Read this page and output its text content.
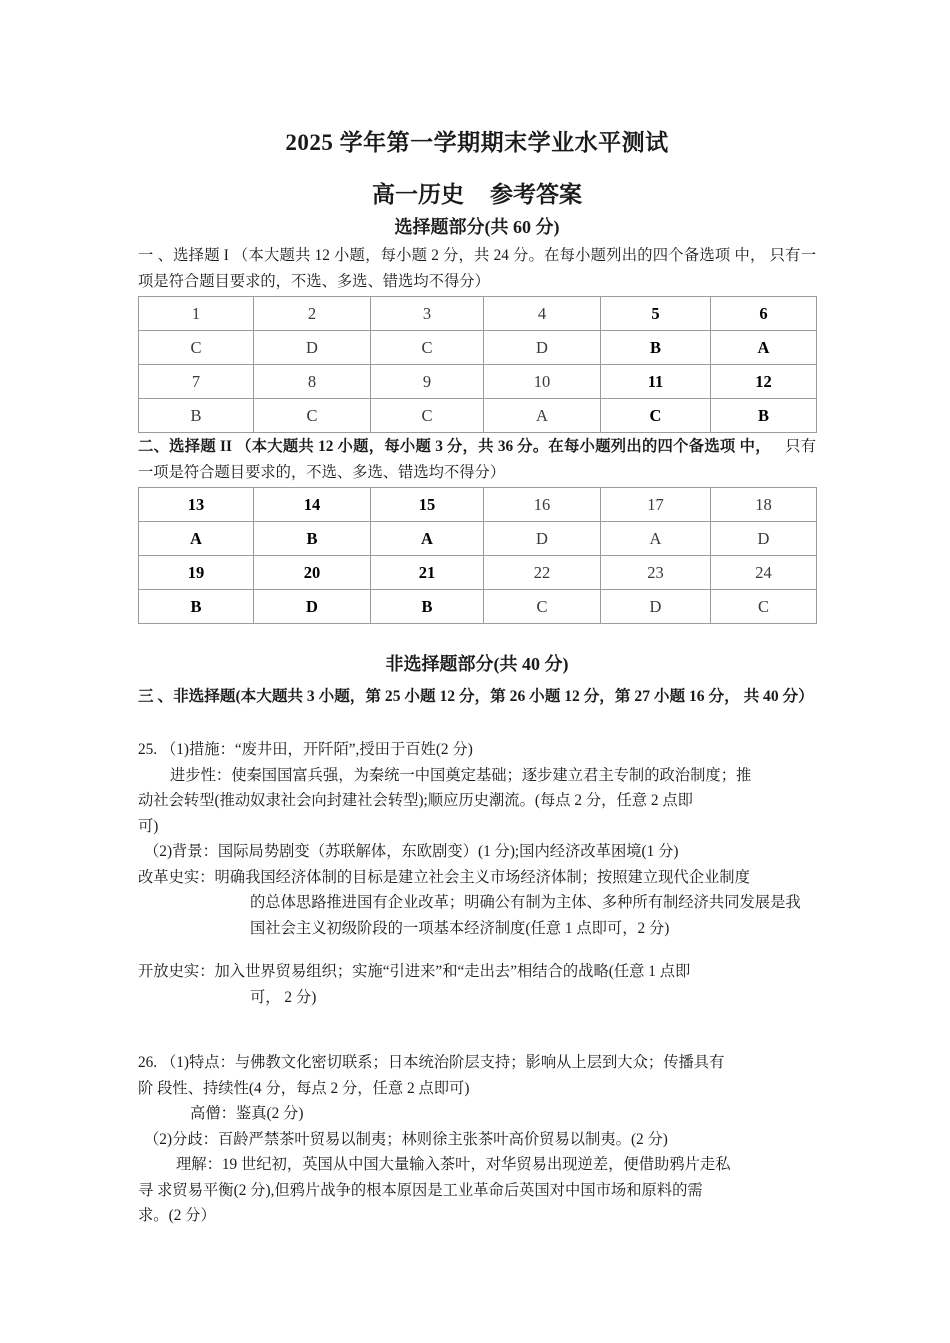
2025 学年第一学期期末学业水平测试
高一历史 参考答案
选择题部分(共 60 分)
一 、选择题 I （本大题共 12 小题，每小题 2 分，共 24 分。在每小题列出的四个备选项 中， 只有一项是符合题目要求的，不选、多选、错选均不得分）
1	2	3	4	5	6
C	D	C	D	B	A
7	8	9	10	11	12
B	C	C	A	C	B
二、选择题 II （本大题共 12 小题，每小题 3 分，共 36 分。在每小题列出的四个备选项 中， 只有一项是符合题目要求的，不选、多选、错选均不得分）
13	14	15	16	17	18
A	B	A	D	A	D
19	20	21	22	23	24
B	D	B	C	D	C
非选择题部分(共 40 分)
三 、非选择题(本大题共 3 小题，第 25 小题 12 分，第 26 小题 12 分，第 27 小题 16 分， 共 40 分）

25. （1)措施：“废井田，开阡陌”,授田于百姓(2 分)

进步性：使秦国国富兵强，为秦统一中国奠定基础；逐步建立君主专制的政治制度；推

动社会转型(推动奴隶社会向封建社会转型);顺应历史潮流。(每点 2 分，任意 2 点即

可)

（2)背景：国际局势剧变（苏联解体，东欧剧变）(1 分);国内经济改革困境(1 分)

改革史实：明确我国经济体制的目标是建立社会主义市场经济体制；按照建立现代企业制度

的总体思路推进国有企业改革；明确公有制为主体、多种所有制经济共同发展是我

国社会主义初级阶段的一项基本经济制度(任意 1 点即可，2 分)

开放史实：加入世界贸易组织；实施“引进来”和“走出去”相结合的战略(任意 1 点即

可， 2 分)

26. （1)特点：与佛教文化密切联系；日本统治阶层支持；影响从上层到大众；传播具有

阶 段性、持续性(4 分，每点 2 分，任意 2 点即可)

高僧：鉴真(2 分)

（2)分歧：百龄严禁茶叶贸易以制夷；林则徐主张茶叶高价贸易以制夷。(2 分)

理解：19 世纪初，英国从中国大量输入茶叶，对华贸易出现逆差，便借助鸦片走私

寻 求贸易平衡(2 分),但鸦片战争的根本原因是工业革命后英国对中国市场和原料的需

求。(2 分）
